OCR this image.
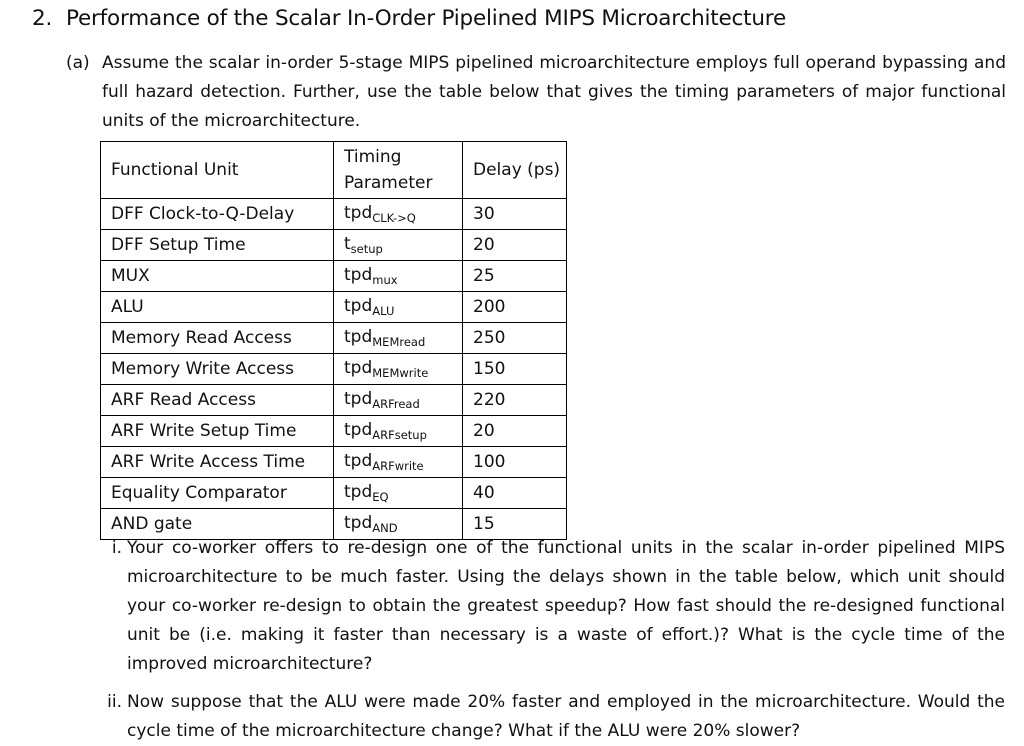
2. Performance of the Scalar In-Order Pipelined MIPS Microarchitecture
(a) Assume the scalar in-order 5-stage MIPS pipelined microarchitecture employs full operand bypassing and full hazard detection. Further, use the table below that gives the timing parameters of major functional units of the microarchitecture.
Functional Unit	Timing Parameter	Delay (ps)
DFF Clock-to-Q-Delay	tpd$_{CLK->Q}$	30
DFF Setup Time	$t_{setup}$	20
MUX	tpd$_{mux}$	25
ALU	tpd$_{ALU}$	200
Memory Read Access	tpd$_{MEMread}$	250
Memory Write Access	tpd$_{MEMwrite}$	150
ARF Read Access	tpd$_{ARFread}$	220
ARF Write Setup Time	tpd$_{ARFsetup}$	20
ARF Write Access Time	tpd$_{ARFwrite}$	100
Equality Comparator	tpd$_{EQ}$	40
AND gate	tpd$_{AND}$	15
i. Your co-worker offers to re-design one of the functional units in the scalar in-order pipelined MIPS microarchitecture to be much faster. Using the delays shown in the table below, which unit should your co-worker re-design to obtain the greatest speedup? How fast should the re-designed functional unit be (i.e. making it faster than necessary is a waste of effort.)? What is the cycle time of the improved microarchitecture?
ii. Now suppose that the ALU were made 20% faster and employed in the microarchitecture. Would the cycle time of the microarchitecture change? What if the ALU were 20% slower?
